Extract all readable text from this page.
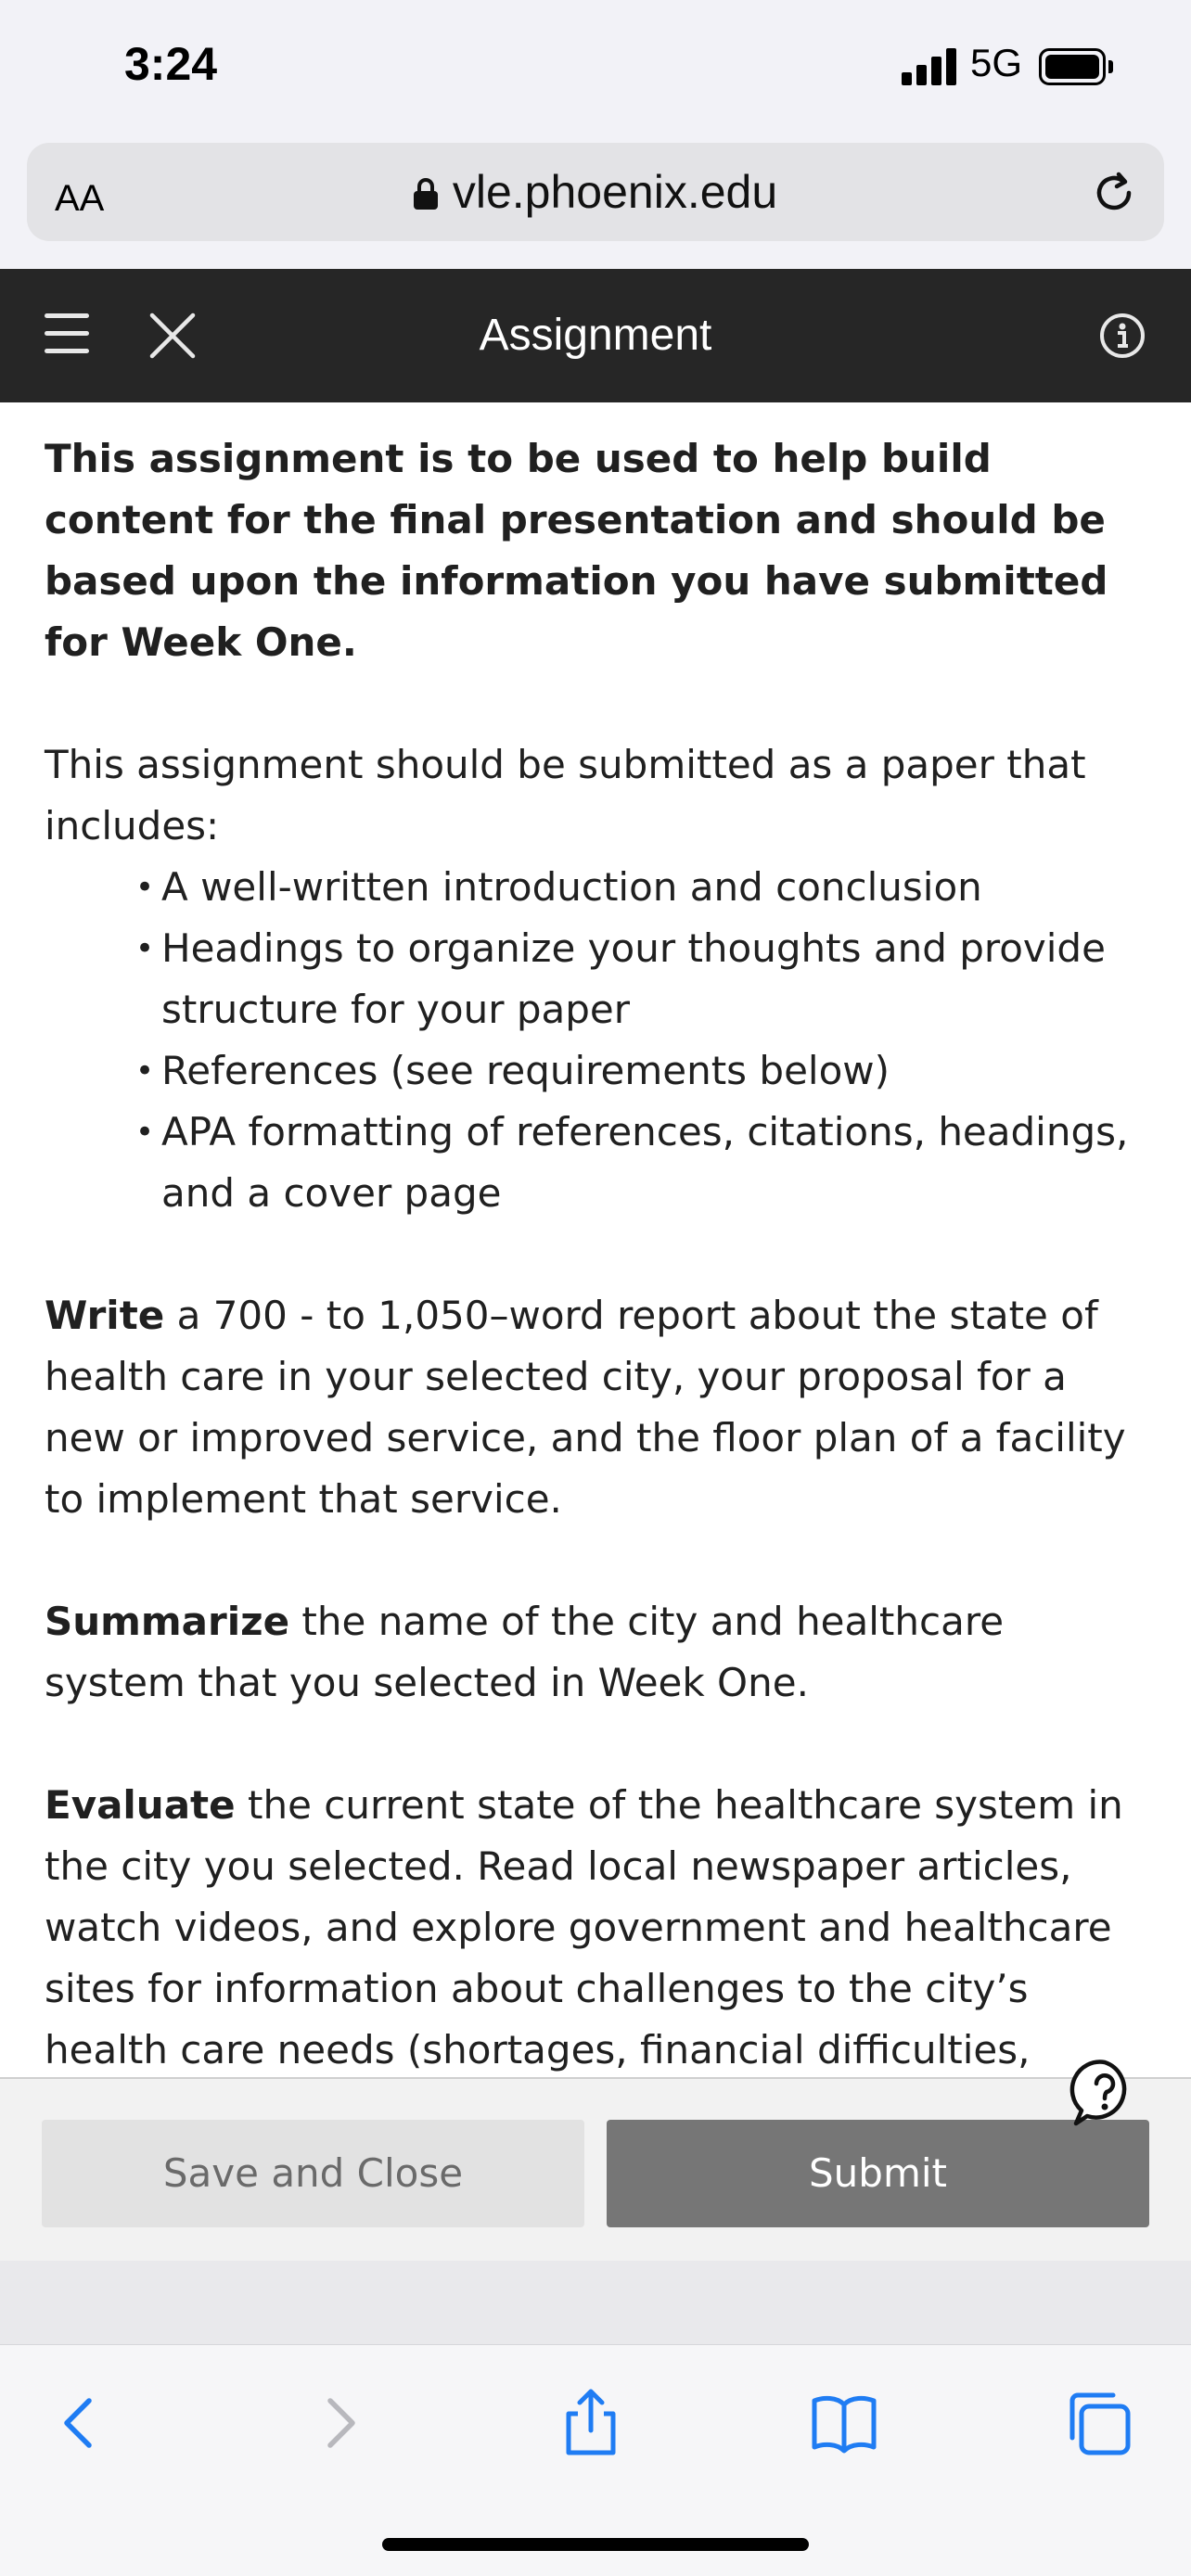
3:24	5G
AA	vle.phoenix.edu
Assignment

This assignment is to be used to help build content for the final presentation and should be based upon the information you have submitted for Week One.

This assignment should be submitted as a paper that includes:

• A well-written introduction and conclusion
• Headings to organize your thoughts and provide structure for your paper
• References (see requirements below)
• APA formatting of references, citations, headings, and a cover page

Write a 700 - to 1,050–word report about the state of health care in your selected city, your proposal for a new or improved service, and the floor plan of a facility to implement that service.

Summarize the name of the city and healthcare system that you selected in Week One.

Evaluate the current state of the healthcare system in the city you selected. Read local newspaper articles, watch videos, and explore government and healthcare sites for information about challenges to the city’s health care needs (shortages, financial difficulties,

Save and Close	Submit
